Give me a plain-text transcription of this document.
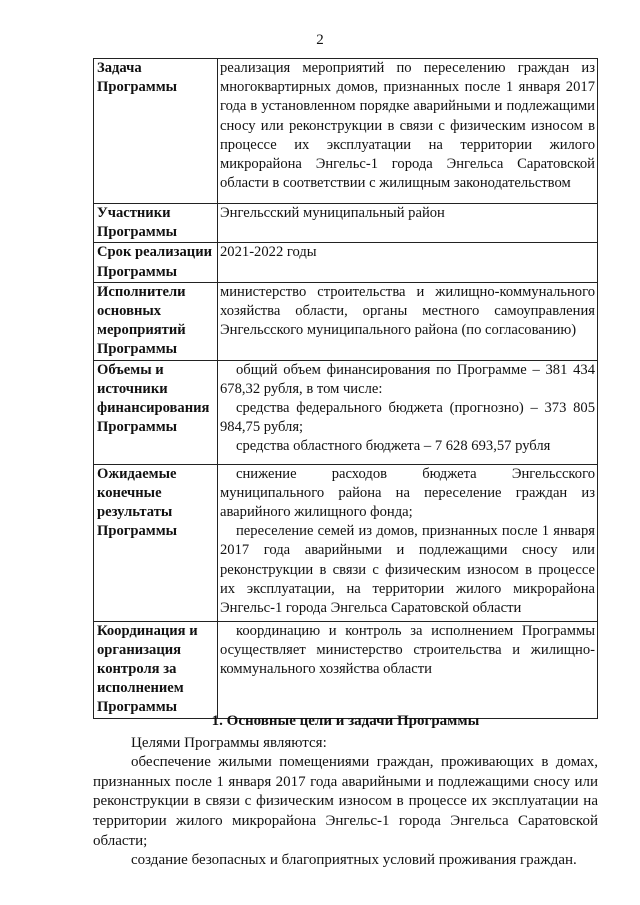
2
Задача Программы	реализация мероприятий по переселению граждан из многоквартирных домов, признанных после 1 января 2017 года в установленном порядке аварийными и подлежащими сносу или реконструкции в связи с физическим износом в процессе их эксплуатации на территории жилого микрорайона Энгельс-1 города Энгельса Саратовской области в соответствии с жилищным законодательством

Участники Программы	Энгельсский муниципальный район

Срок реализации Программы	2021-2022 годы

Исполнители основных мероприятий Программы	министерство строительства и жилищно-коммунального хозяйства области, органы местного самоуправления Энгельсского муниципального района (по согласованию)

Объемы и источники финансирования Программы	общий объем финансирования по Программе – 381 434 678,32 рубля, в том числе:

средства федерального бюджета (прогнозно) – 373 805 984,75 рубля;

средства областного бюджета – 7 628 693,57 рубля

Ожидаемые конечные результаты Программы	снижение расходов бюджета Энгельсского муниципального района на переселение граждан из аварийного жилищного фонда;

переселение семей из домов, признанных после 1 января 2017 года аварийными и подлежащими сносу или реконструкции в связи с физическим износом в процессе их эксплуатации, на территории жилого микрорайона Энгельс-1 города Энгельса Саратовской области

Координация и организация контроля за исполнением Программы	координацию и контроль за исполнением Программы осуществляет министерство строительства и жилищно-коммунального хозяйства области

1. Основные цели и задачи Программы

Целями Программы являются:

обеспечение жилыми помещениями граждан, проживающих в домах, признанных после 1 января 2017 года аварийными и подлежащими сносу или реконструкции в связи с физическим износом в процессе их эксплуатации на территории жилого микрорайона Энгельс-1 города Энгельса Саратовской области;

создание безопасных и благоприятных условий проживания граждан.
